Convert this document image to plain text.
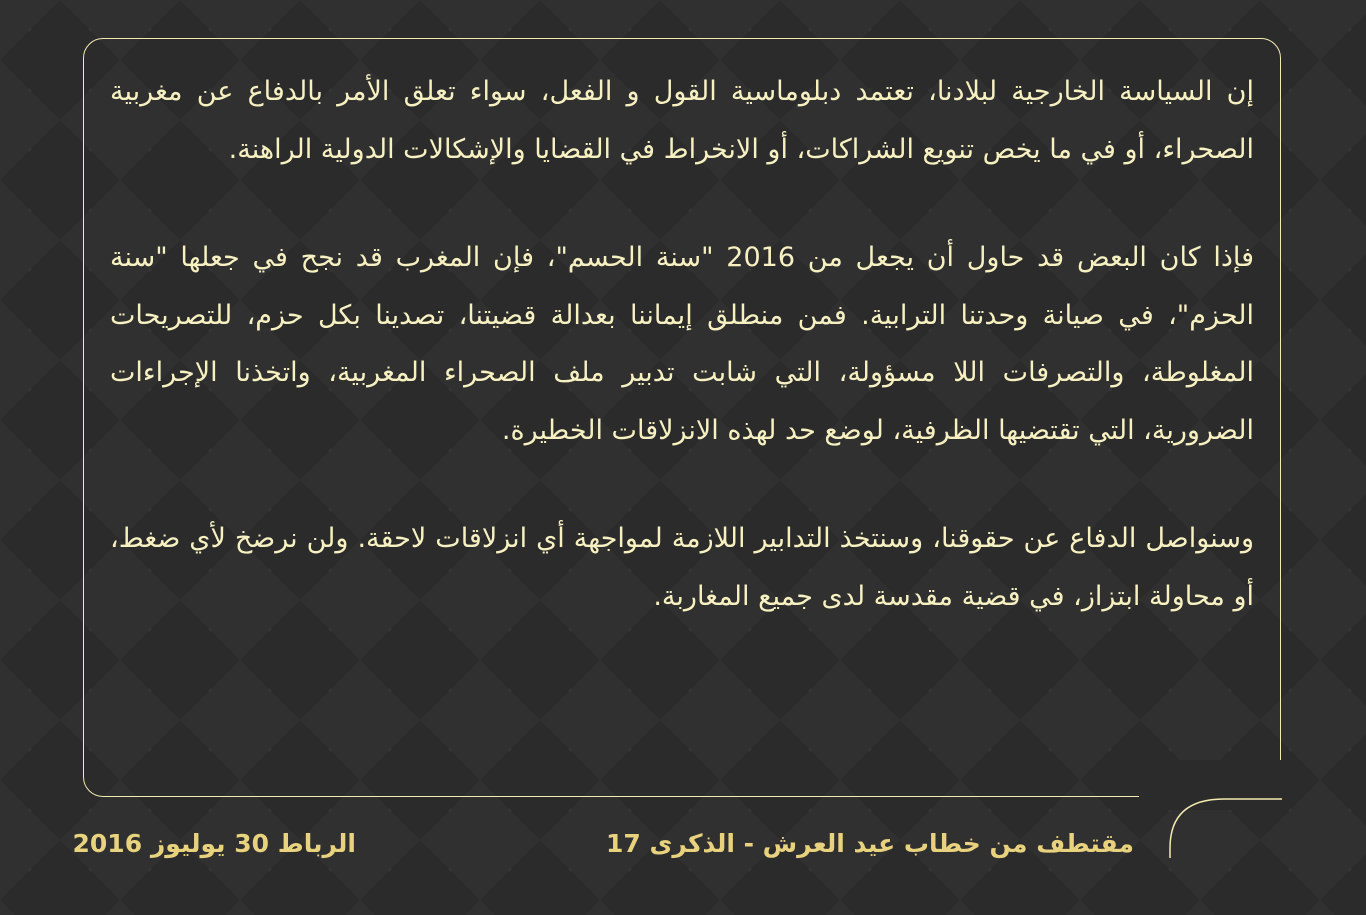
إن السياسة الخارجية لبلادنا، تعتمد دبلوماسية القول و الفعل، سواء تعلق الأمر بالدفاع عن مغربية الصحراء، أو في ما يخص تنويع الشراكات، أو الانخراط في القضايا والإشكالات الدولية الراهنة.

فإذا كان البعض قد حاول أن يجعل من 2016 "سنة الحسم"، فإن المغرب قد نجح في جعلها "سنة الحزم"، في صيانة وحدتنا الترابية. فمن منطلق إيماننا بعدالة قضيتنا، تصدينا بكل حزم، للتصريحات المغلوطة، والتصرفات اللا مسؤولة، التي شابت تدبير ملف الصحراء المغربية، واتخذنا الإجراءات الضرورية، التي تقتضيها الظرفية، لوضع حد لهذه الانزلاقات الخطيرة.

وسنواصل الدفاع عن حقوقنا، وسنتخذ التدابير اللازمة لمواجهة أي انزلاقات لاحقة. ولن نرضخ لأي ضغط، أو محاولة ابتزاز، في قضية مقدسة لدى جميع المغاربة.

مقتطف من خطاب عيد العرش - الذكرى 17
الرباط 30 يوليوز 2016
